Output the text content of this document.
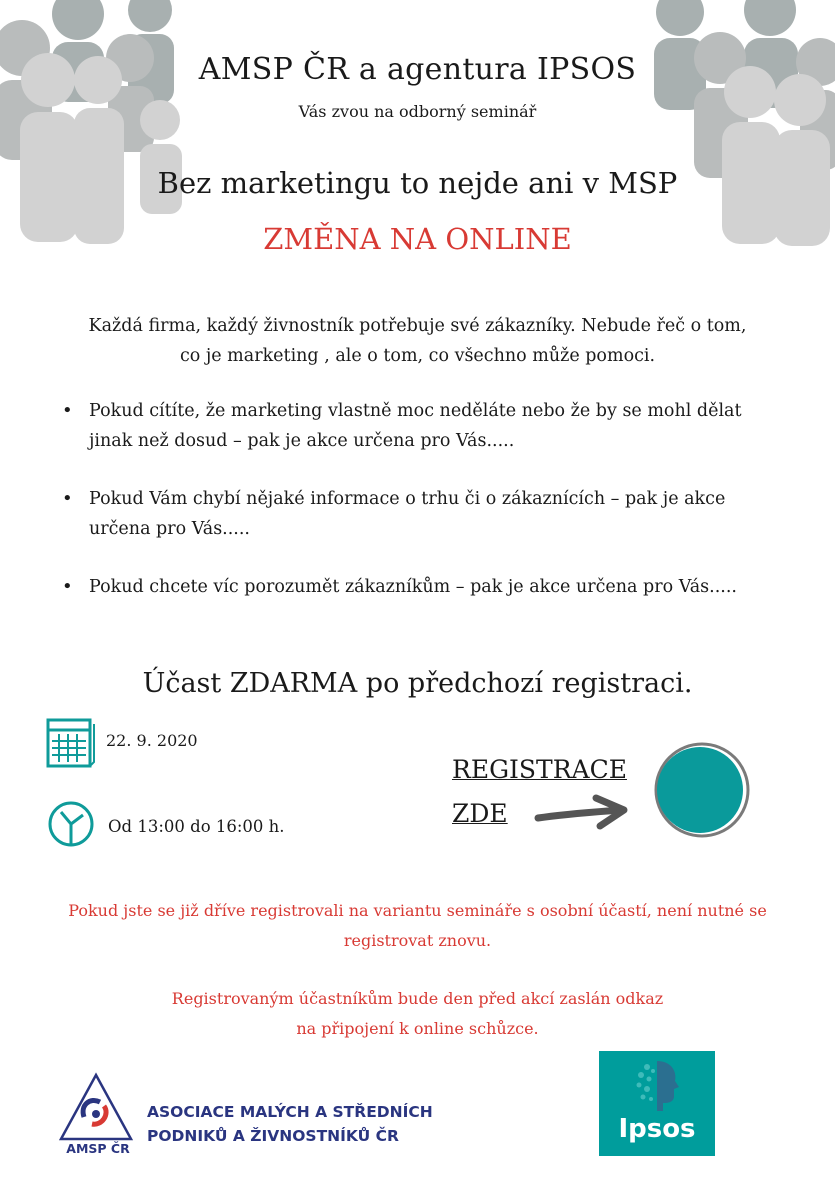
AMSP ČR a agentura IPSOS
Vás zvou na odborný seminář
Bez marketingu to nejde ani v MSP
ZMĚNA NA ONLINE
Každá firma, každý živnostník potřebuje své zákazníky. Nebude řeč o tom,
co je marketing , ale o tom, co všechno může pomoci.
• Pokud cítíte, že marketing vlastně moc neděláte nebo že by se mohl dělat
jinak než dosud – pak je akce určena pro Vás.....
• Pokud Vám chybí nějaké informace o trhu či o zákaznících – pak je akce
určena pro Vás.....
• Pokud chcete víc porozumět zákazníkům – pak je akce určena pro Vás.....
Účast ZDARMA po předchozí registraci.
22. 9. 2020
Od 13:00 do 16:00 h.
REGISTRACE
ZDE
Pokud jste se již dříve registrovali na variantu semináře s osobní účastí, není nutné se
registrovat znovu.
Registrovaným účastníkům bude den před akcí zaslán odkaz
na připojení k online schůzce.
AMSP ČR
ASOCIACE MALÝCH A STŘEDNÍCH
PODNIKŮ A ŽIVNOSTNÍKŮ ČR	Ipsos
